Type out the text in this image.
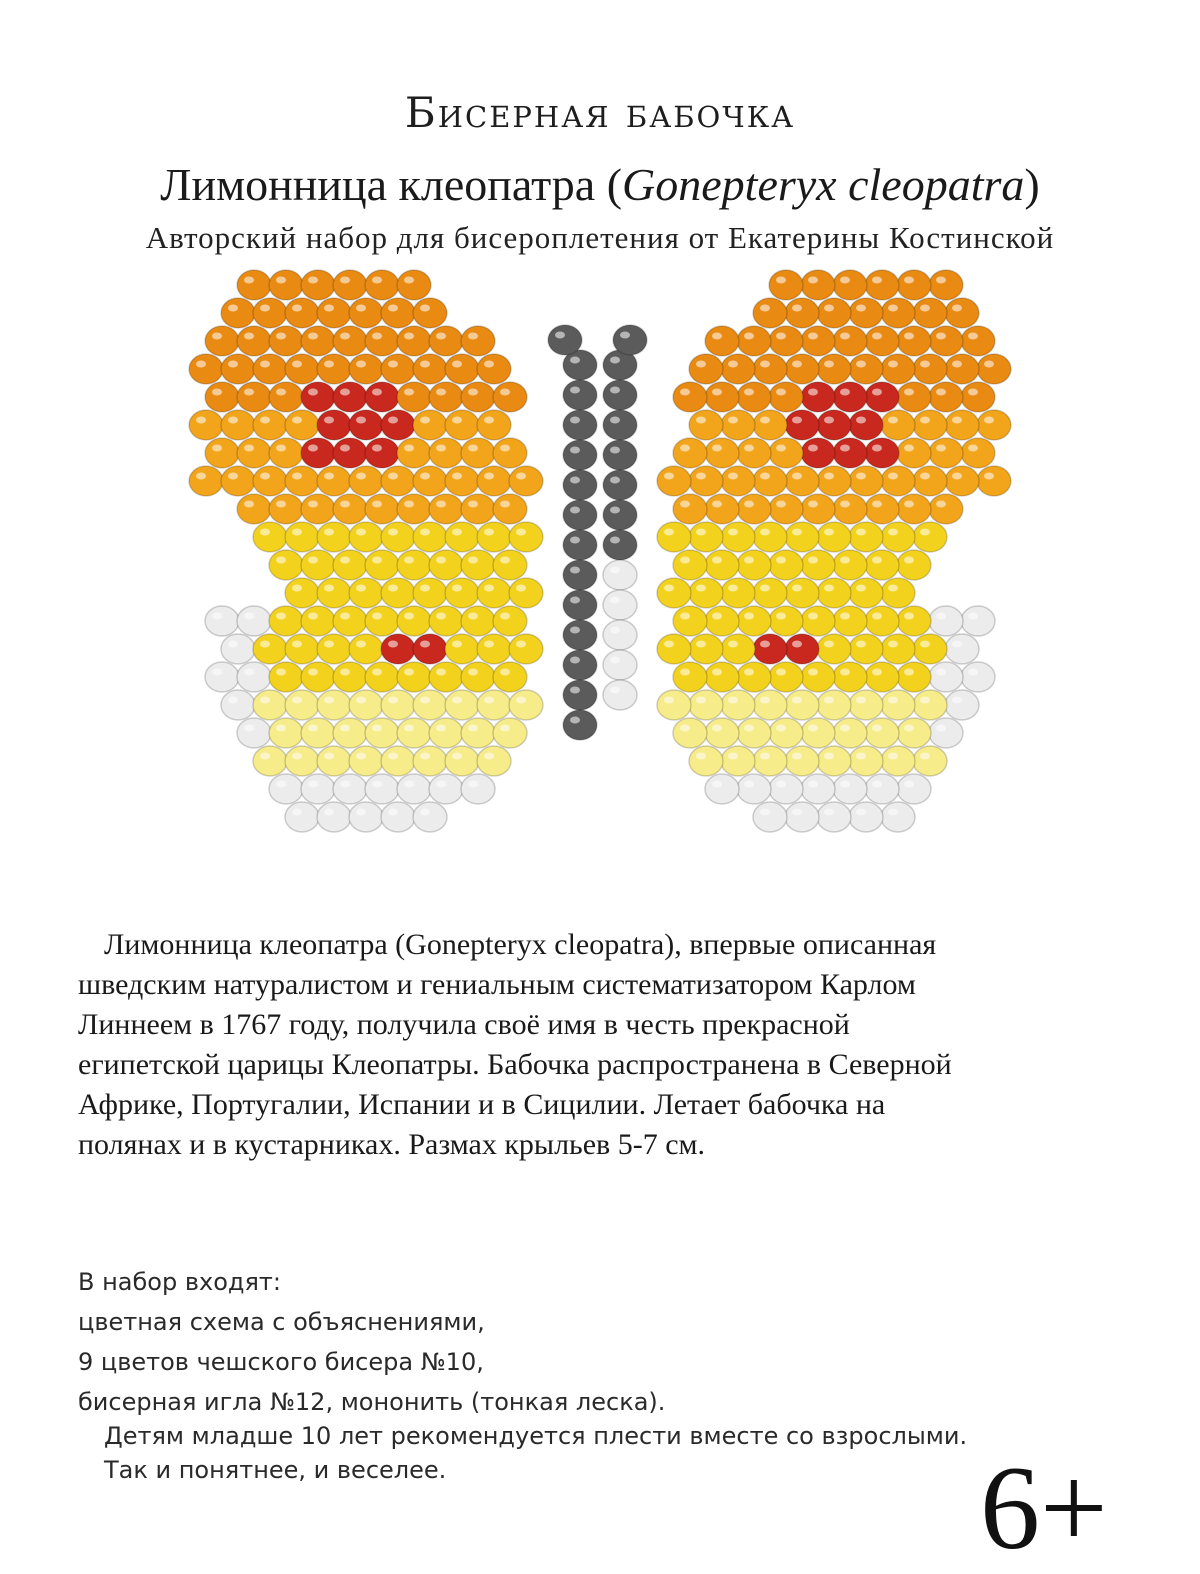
Бисерная бабочка
Лимонница клеопатра (Gonepteryx cleopatra)
Авторский набор для бисероплетения от Екатерины Костинской

Лимонница клеопатра (Gonepteryx cleopatra), впервые описанная
шведским натуралистом и гениальным систематизатором Карлом
Линнеем в 1767 году, получила своё имя в честь прекрасной
египетской царицы Клеопатры. Бабочка распространена в Северной
Африке, Португалии, Испании и в Сицилии. Летает бабочка на
полянах и в кустарниках. Размах крыльев 5-7 см.

В набор входят:
цветная схема с объяснениями,
9 цветов чешского бисера №10,
бисерная игла №12, мононить (тонкая леска).

Детям младше 10 лет рекомендуется плести вместе со взрослыми.
Так и понятнее, и веселее.	6+
